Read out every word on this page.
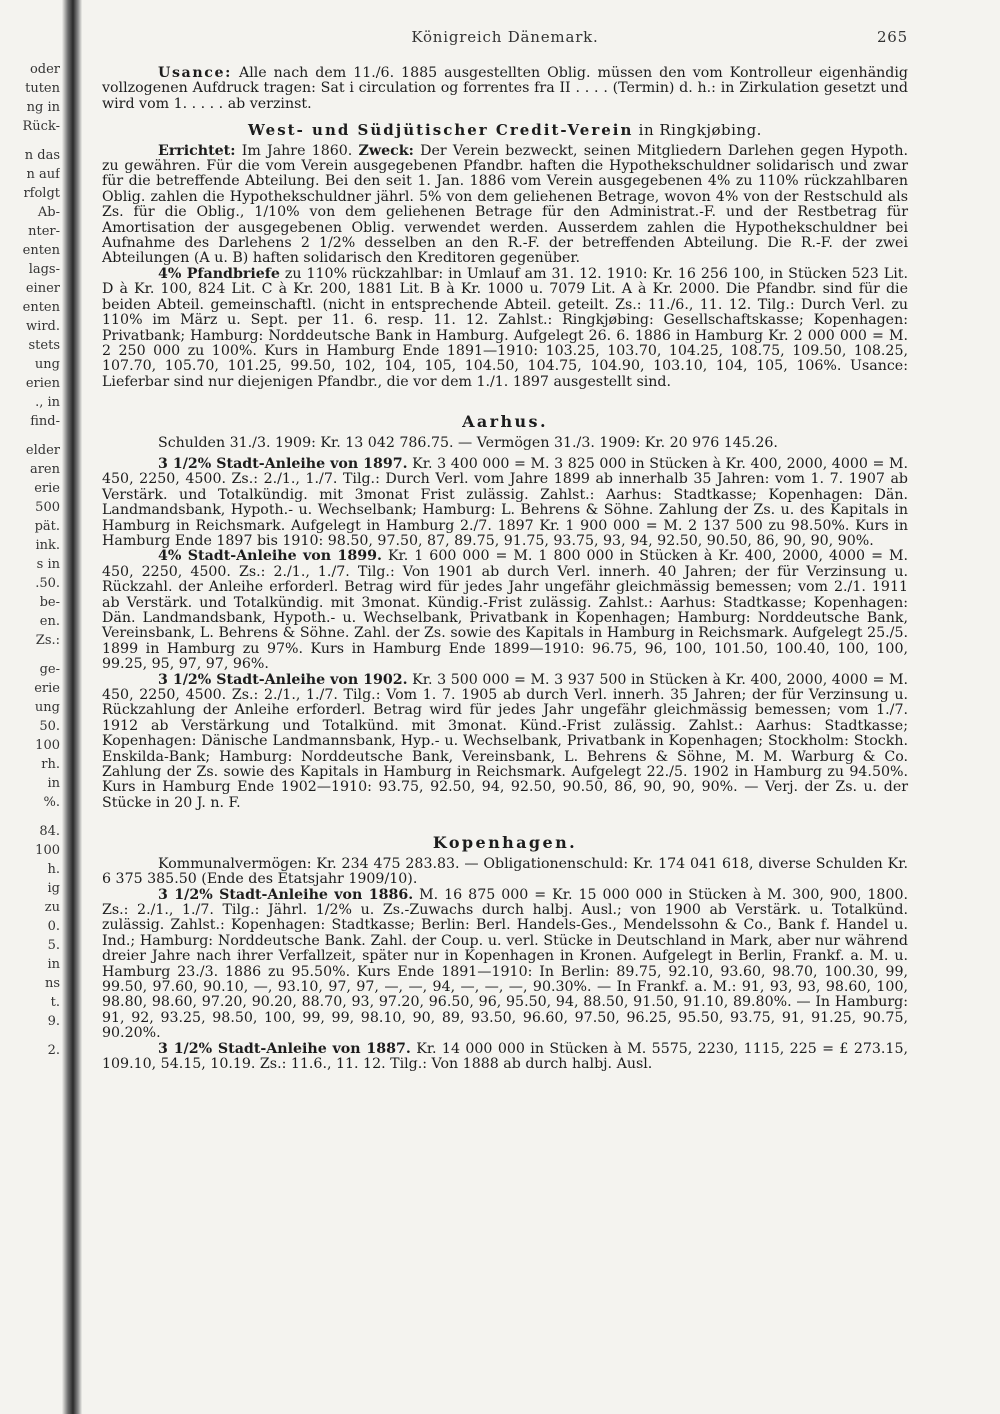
oder
tuten
ng in
Rück-
n das
n auf
rfolgt
Ab-
nter-
enten
lags-
einer
enten
wird.
stets
ung
erien
., in
find-
elder
aren
erie
500
pät.
ink.
s in
.50.
be-
en.
Zs.:
ge-
erie
ung
50.
100
rh.
in
%.
84.
100
h.
ig
zu
0.
5.
in
ns
t.
9.
2.
Königreich Dänemark.	265

Usance: Alle nach dem 11./6. 1885 ausgestellten Oblig. müssen den vom Kontrolleur eigenhändig vollzogenen Aufdruck tragen: Sat i circulation og forrentes fra II . . . . (Termin) d. h.: in Zirkulation gesetzt und wird vom 1. . . . . ab verzinst.

West- und Südjütischer Credit-Verein in Ringkjøbing.

Errichtet: Im Jahre 1860. Zweck: Der Verein bezweckt, seinen Mitgliedern Darlehen gegen Hypoth. zu gewähren. Für die vom Verein ausgegebenen Pfandbr. haften die Hypothekschuldner solidarisch und zwar für die betreffende Abteilung. Bei den seit 1. Jan. 1886 vom Verein ausgegebenen 4% zu 110% rückzahlbaren Oblig. zahlen die Hypothekschuldner jährl. 5% von dem geliehenen Betrage, wovon 4% von der Restschuld als Zs. für die Oblig., 1/10% von dem geliehenen Betrage für den Administrat.-F. und der Restbetrag für Amortisation der ausgegebenen Oblig. verwendet werden. Ausserdem zahlen die Hypothekschuldner bei Aufnahme des Darlehens 2 1/2% desselben an den R.-F. der betreffenden Abteilung. Die R.-F. der zwei Abteilungen (A u. B) haften solidarisch den Kreditoren gegenüber.

4% Pfandbriefe zu 110% rückzahlbar: in Umlauf am 31. 12. 1910: Kr. 16 256 100, in Stücken 523 Lit. D à Kr. 100, 824 Lit. C à Kr. 200, 1881 Lit. B à Kr. 1000 u. 7079 Lit. A à Kr. 2000. Die Pfandbr. sind für die beiden Abteil. gemeinschaftl. (nicht in entsprechende Abteil. geteilt. Zs.: 11./6., 11. 12. Tilg.: Durch Verl. zu 110% im März u. Sept. per 11. 6. resp. 11. 12. Zahlst.: Ringkjøbing: Gesellschaftskasse; Kopenhagen: Privatbank; Hamburg: Norddeutsche Bank in Hamburg. Aufgelegt 26. 6. 1886 in Hamburg Kr. 2 000 000 = M. 2 250 000 zu 100%. Kurs in Hamburg Ende 1891—1910: 103.25, 103.70, 104.25, 108.75, 109.50, 108.25, 107.70, 105.70, 101.25, 99.50, 102, 104, 105, 104.50, 104.75, 104.90, 103.10, 104, 105, 106%. Usance: Lieferbar sind nur diejenigen Pfandbr., die vor dem 1./1. 1897 ausgestellt sind.

Aarhus.

Schulden 31./3. 1909: Kr. 13 042 786.75. — Vermögen 31./3. 1909: Kr. 20 976 145.26.

3 1/2% Stadt-Anleihe von 1897. Kr. 3 400 000 = M. 3 825 000 in Stücken à Kr. 400, 2000, 4000 = M. 450, 2250, 4500. Zs.: 2./1., 1./7. Tilg.: Durch Verl. vom Jahre 1899 ab innerhalb 35 Jahren: vom 1. 7. 1907 ab Verstärk. und Totalkündig. mit 3monat Frist zulässig. Zahlst.: Aarhus: Stadtkasse; Kopenhagen: Dän. Landmandsbank, Hypoth.- u. Wechselbank; Hamburg: L. Behrens & Söhne. Zahlung der Zs. u. des Kapitals in Hamburg in Reichsmark. Aufgelegt in Hamburg 2./7. 1897 Kr. 1 900 000 = M. 2 137 500 zu 98.50%. Kurs in Hamburg Ende 1897 bis 1910: 98.50, 97.50, 87, 89.75, 91.75, 93.75, 93, 94, 92.50, 90.50, 86, 90, 90, 90%.

4% Stadt-Anleihe von 1899. Kr. 1 600 000 = M. 1 800 000 in Stücken à Kr. 400, 2000, 4000 = M. 450, 2250, 4500. Zs.: 2./1., 1./7. Tilg.: Von 1901 ab durch Verl. innerh. 40 Jahren; der für Verzinsung u. Rückzahl. der Anleihe erforderl. Betrag wird für jedes Jahr ungefähr gleichmässig bemessen; vom 2./1. 1911 ab Verstärk. und Totalkündig. mit 3monat. Kündig.-Frist zulässig. Zahlst.: Aarhus: Stadtkasse; Kopenhagen: Dän. Landmandsbank, Hypoth.- u. Wechselbank, Privatbank in Kopenhagen; Hamburg: Norddeutsche Bank, Vereinsbank, L. Behrens & Söhne. Zahl. der Zs. sowie des Kapitals in Hamburg in Reichsmark. Aufgelegt 25./5. 1899 in Hamburg zu 97%. Kurs in Hamburg Ende 1899—1910: 96.75, 96, 100, 101.50, 100.40, 100, 100, 99.25, 95, 97, 97, 96%.

3 1/2% Stadt-Anleihe von 1902. Kr. 3 500 000 = M. 3 937 500 in Stücken à Kr. 400, 2000, 4000 = M. 450, 2250, 4500. Zs.: 2./1., 1./7. Tilg.: Vom 1. 7. 1905 ab durch Verl. innerh. 35 Jahren; der für Verzinsung u. Rückzahlung der Anleihe erforderl. Betrag wird für jedes Jahr ungefähr gleichmässig bemessen; vom 1./7. 1912 ab Verstärkung und Totalkünd. mit 3monat. Künd.-Frist zulässig. Zahlst.: Aarhus: Stadtkasse; Kopenhagen: Dänische Landmannsbank, Hyp.- u. Wechselbank, Privatbank in Kopenhagen; Stockholm: Stockh. Enskilda-Bank; Hamburg: Norddeutsche Bank, Vereinsbank, L. Behrens & Söhne, M. M. Warburg & Co. Zahlung der Zs. sowie des Kapitals in Hamburg in Reichsmark. Aufgelegt 22./5. 1902 in Hamburg zu 94.50%. Kurs in Hamburg Ende 1902—1910: 93.75, 92.50, 94, 92.50, 90.50, 86, 90, 90, 90%. — Verj. der Zs. u. der Stücke in 20 J. n. F.

Kopenhagen.

Kommunalvermögen: Kr. 234 475 283.83. — Obligationenschuld: Kr. 174 041 618, diverse Schulden Kr. 6 375 385.50 (Ende des Etatsjahr 1909/10).

3 1/2% Stadt-Anleihe von 1886. M. 16 875 000 = Kr. 15 000 000 in Stücken à M. 300, 900, 1800. Zs.: 2./1., 1./7. Tilg.: Jährl. 1/2% u. Zs.-Zuwachs durch halbj. Ausl.; von 1900 ab Verstärk. u. Totalkünd. zulässig. Zahlst.: Kopenhagen: Stadtkasse; Berlin: Berl. Handels-Ges., Mendelssohn & Co., Bank f. Handel u. Ind.; Hamburg: Norddeutsche Bank. Zahl. der Coup. u. verl. Stücke in Deutschland in Mark, aber nur während dreier Jahre nach ihrer Verfallzeit, später nur in Kopenhagen in Kronen. Aufgelegt in Berlin, Frankf. a. M. u. Hamburg 23./3. 1886 zu 95.50%. Kurs Ende 1891—1910: In Berlin: 89.75, 92.10, 93.60, 98.70, 100.30, 99, 99.50, 97.60, 90.10, —, 93.10, 97, 97, —, —, 94, —, —, —, 90.30%. — In Frankf. a. M.: 91, 93, 93, 98.60, 100, 98.80, 98.60, 97.20, 90.20, 88.70, 93, 97.20, 96.50, 96, 95.50, 94, 88.50, 91.50, 91.10, 89.80%. — In Hamburg: 91, 92, 93.25, 98.50, 100, 99, 99, 98.10, 90, 89, 93.50, 96.60, 97.50, 96.25, 95.50, 93.75, 91, 91.25, 90.75, 90.20%.

3 1/2% Stadt-Anleihe von 1887. Kr. 14 000 000 in Stücken à M. 5575, 2230, 1115, 225 = £ 273.15, 109.10, 54.15, 10.19. Zs.: 11.6., 11. 12. Tilg.: Von 1888 ab durch halbj. Ausl.
